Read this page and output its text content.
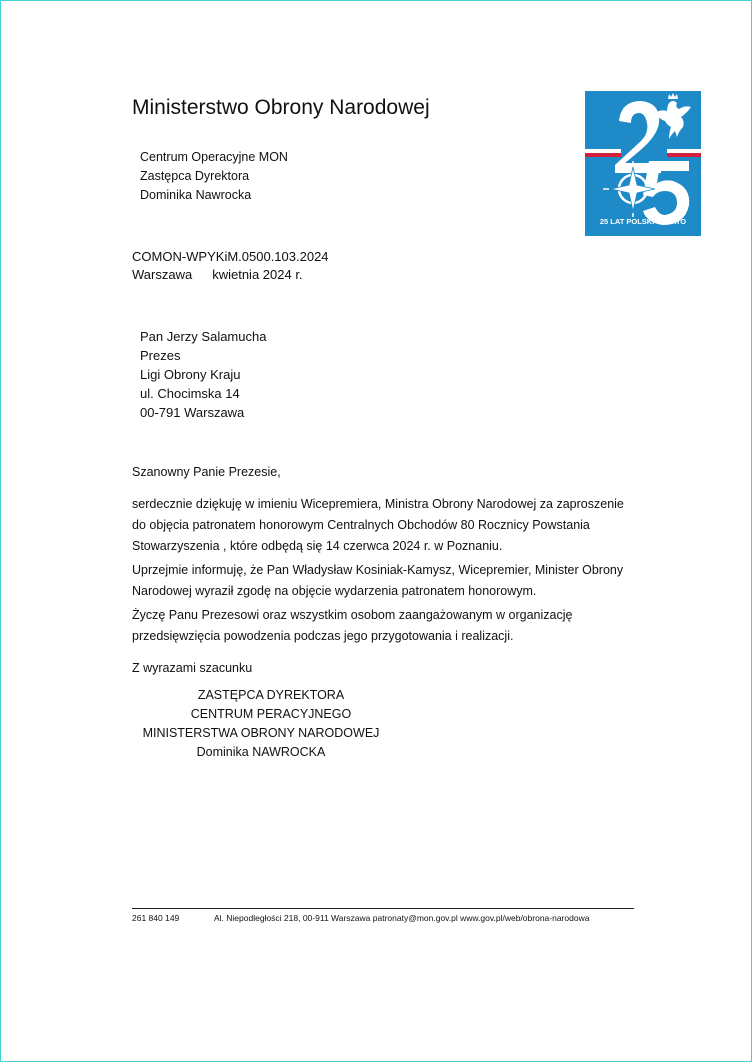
Ministerstwo Obrony Narodowej
25 LAT POLSKI W NATO
Centrum Operacyjne MON
Zastępca Dyrektora
Dominika Nawrocka
COMON-WPYKiM.0500.103.2024
Warszawa kwietnia 2024 r.
Pan Jerzy Salamucha
Prezes
Ligi Obrony Kraju
ul. Chocimska 14
00-791 Warszawa

Szanowny Panie Prezesie,

serdecznie dziękuję w imieniu Wicepremiera, Ministra Obrony Narodowej za zaproszenie
do objęcia patronatem honorowym Centralnych Obchodów 80 Rocznicy Powstania
Stowarzyszenia , które odbędą się 14 czerwca 2024 r. w Poznaniu.

Uprzejmie informuję, że Pan Władysław Kosiniak-Kamysz, Wicepremier, Minister Obrony
Narodowej wyraził zgodę na objęcie wydarzenia patronatem honorowym.

Życzę Panu Prezesowi oraz wszystkim osobom zaangażowanym w organizację
przedsięwzięcia powodzenia podczas jego przygotowania i realizacji.

Z wyrazami szacunku

ZASTĘPCA DYREKTORA
CENTRUM PERACYJNEGO
MINISTERSTWA OBRONY NARODOWEJ
Dominika NAWROCKA
261 840 149	Al. Niepodległości 218, 00-911 Warszawa patronaty@mon.gov.pl www.gov.pl/web/obrona-narodowa
